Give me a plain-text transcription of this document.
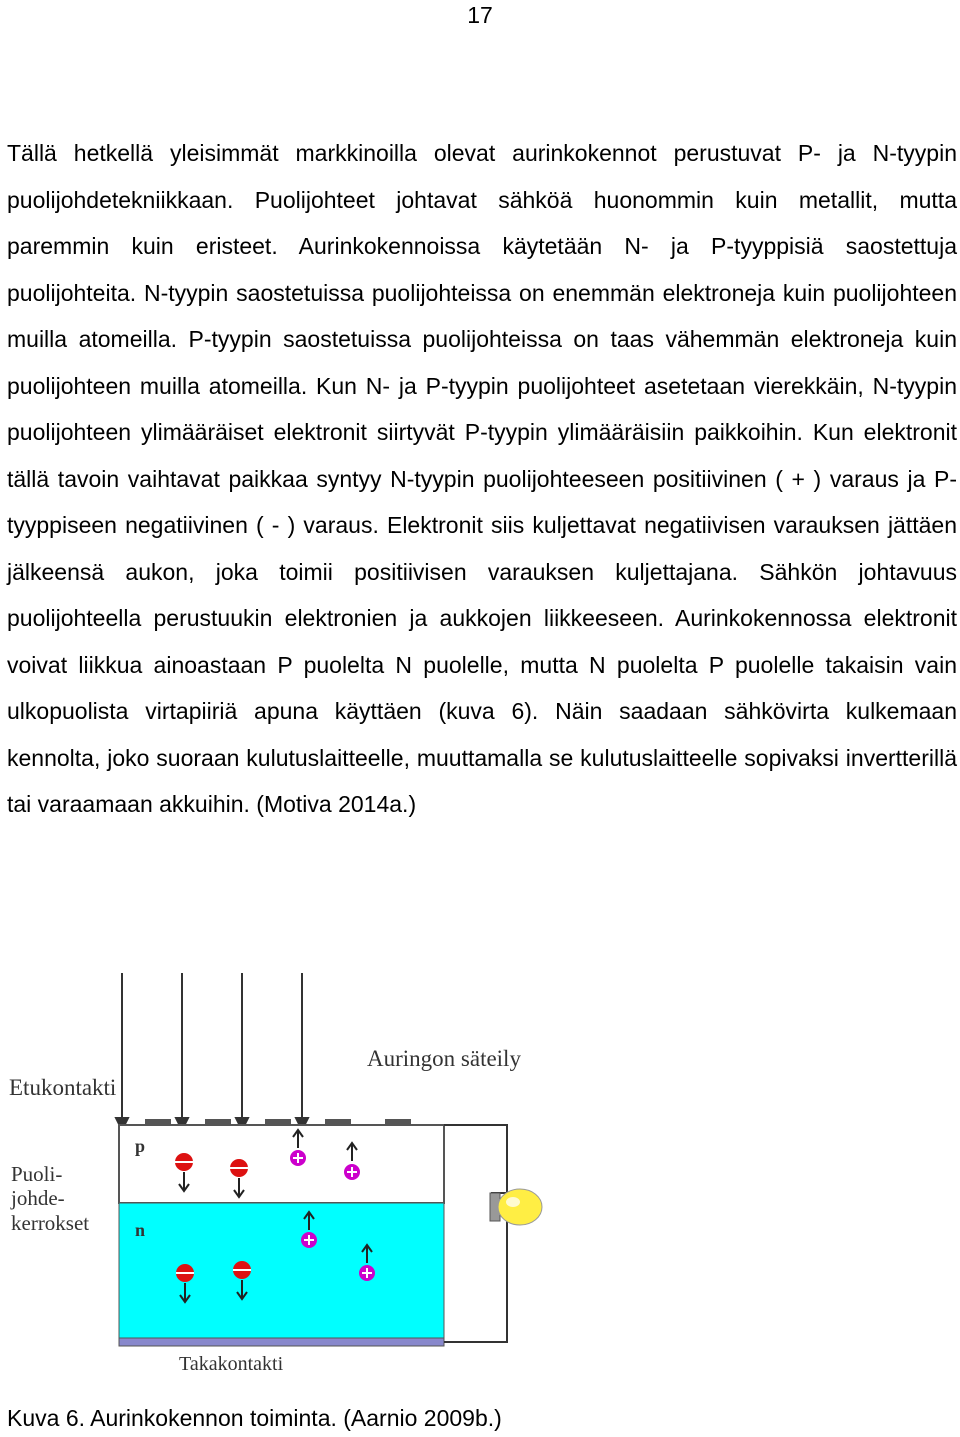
17

Tällä hetkellä yleisimmät markkinoilla olevat aurinkokennot perustuvat P- ja N-tyypin puolijohdetekniikkaan. Puolijohteet johtavat sähköä huonommin kuin metallit, mutta paremmin kuin eristeet. Aurinkokennoissa käytetään N- ja P-tyyppisiä saostettuja puolijohteita. N-tyypin saostetuissa puolijohteissa on enemmän elektroneja kuin puolijohteen muilla atomeilla. P-tyypin saostetuissa puolijohteissa on taas vähemmän elektroneja kuin puolijohteen muilla atomeilla. Kun N- ja P-tyypin puolijohteet asetetaan vierekkäin, N-tyypin puolijohteen ylimääräiset elektronit siirtyvät P-tyypin ylimääräisiin paikkoihin. Kun elektronit tällä tavoin vaihtavat paikkaa syntyy N-tyypin puolijohteeseen positiivinen ( + ) varaus ja P-tyyppiseen negatiivinen ( - ) varaus. Elektronit siis kuljettavat negatiivisen varauksen jättäen jälkeensä aukon, joka toimii positiivisen varauksen kuljettajana. Sähkön johtavuus puolijohteella perustuukin elektronien ja aukkojen liikkeeseen. Aurinkokennossa elektronit voivat liikkua ainoastaan P puolelta N puolelle, mutta N puolelta P puolelle takaisin vain ulkopuolista virtapiiriä apuna käyttäen (kuva 6). Näin saadaan sähkövirta kulkemaan kennolta, joko suoraan kulutuslaitteelle, muuttamalla se kulutuslaitteelle sopivaksi invertterillä tai varaamaan akkuihin. (Motiva 2014a.)

Auringon säteily
Etukontakti
p
n
Puoli- johde- kerrokset
Takakontakti

Kuva 6. Aurinkokennon toiminta. (Aarnio 2009b.)
